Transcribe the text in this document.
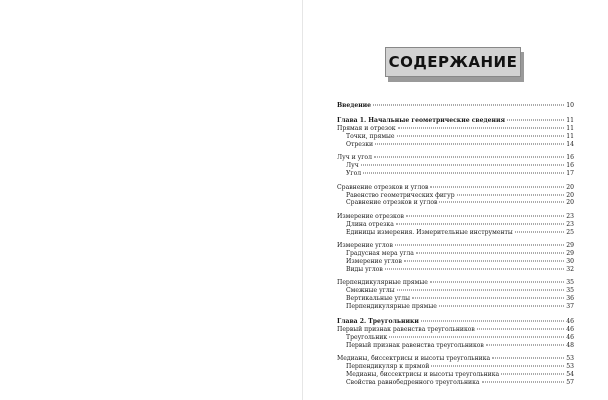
СОДЕРЖАНИЕ
Введение	10
Глава 1. Начальные геометрические сведения	11
Прямая и отрезок	11
Точки, прямые	11
Отрезки	14
Луч и угол	16
Луч	16
Угол	17
Сравнение отрезков и углов	20
Равенство геометрических фигур	20
Сравнение отрезков и углов	20
Измерение отрезков	23
Длина отрезка	23
Единицы измерения. Измерительные инструменты	25
Измерение углов	29
Градусная мера угла	29
Измерение углов	30
Виды углов	32
Перпендикулярные прямые	35
Смежные углы	35
Вертикальные углы	36
Перпендикулярные прямые	37
Глава 2. Треугольники	46
Первый признак равенства треугольников	46
Треугольник	46
Первый признак равенства треугольников	48
Медианы, биссектрисы и высоты треугольника	53
Перпендикуляр к прямой	53
Медианы, биссектрисы и высоты треугольника	54
Свойства равнобедренного треугольника	57
